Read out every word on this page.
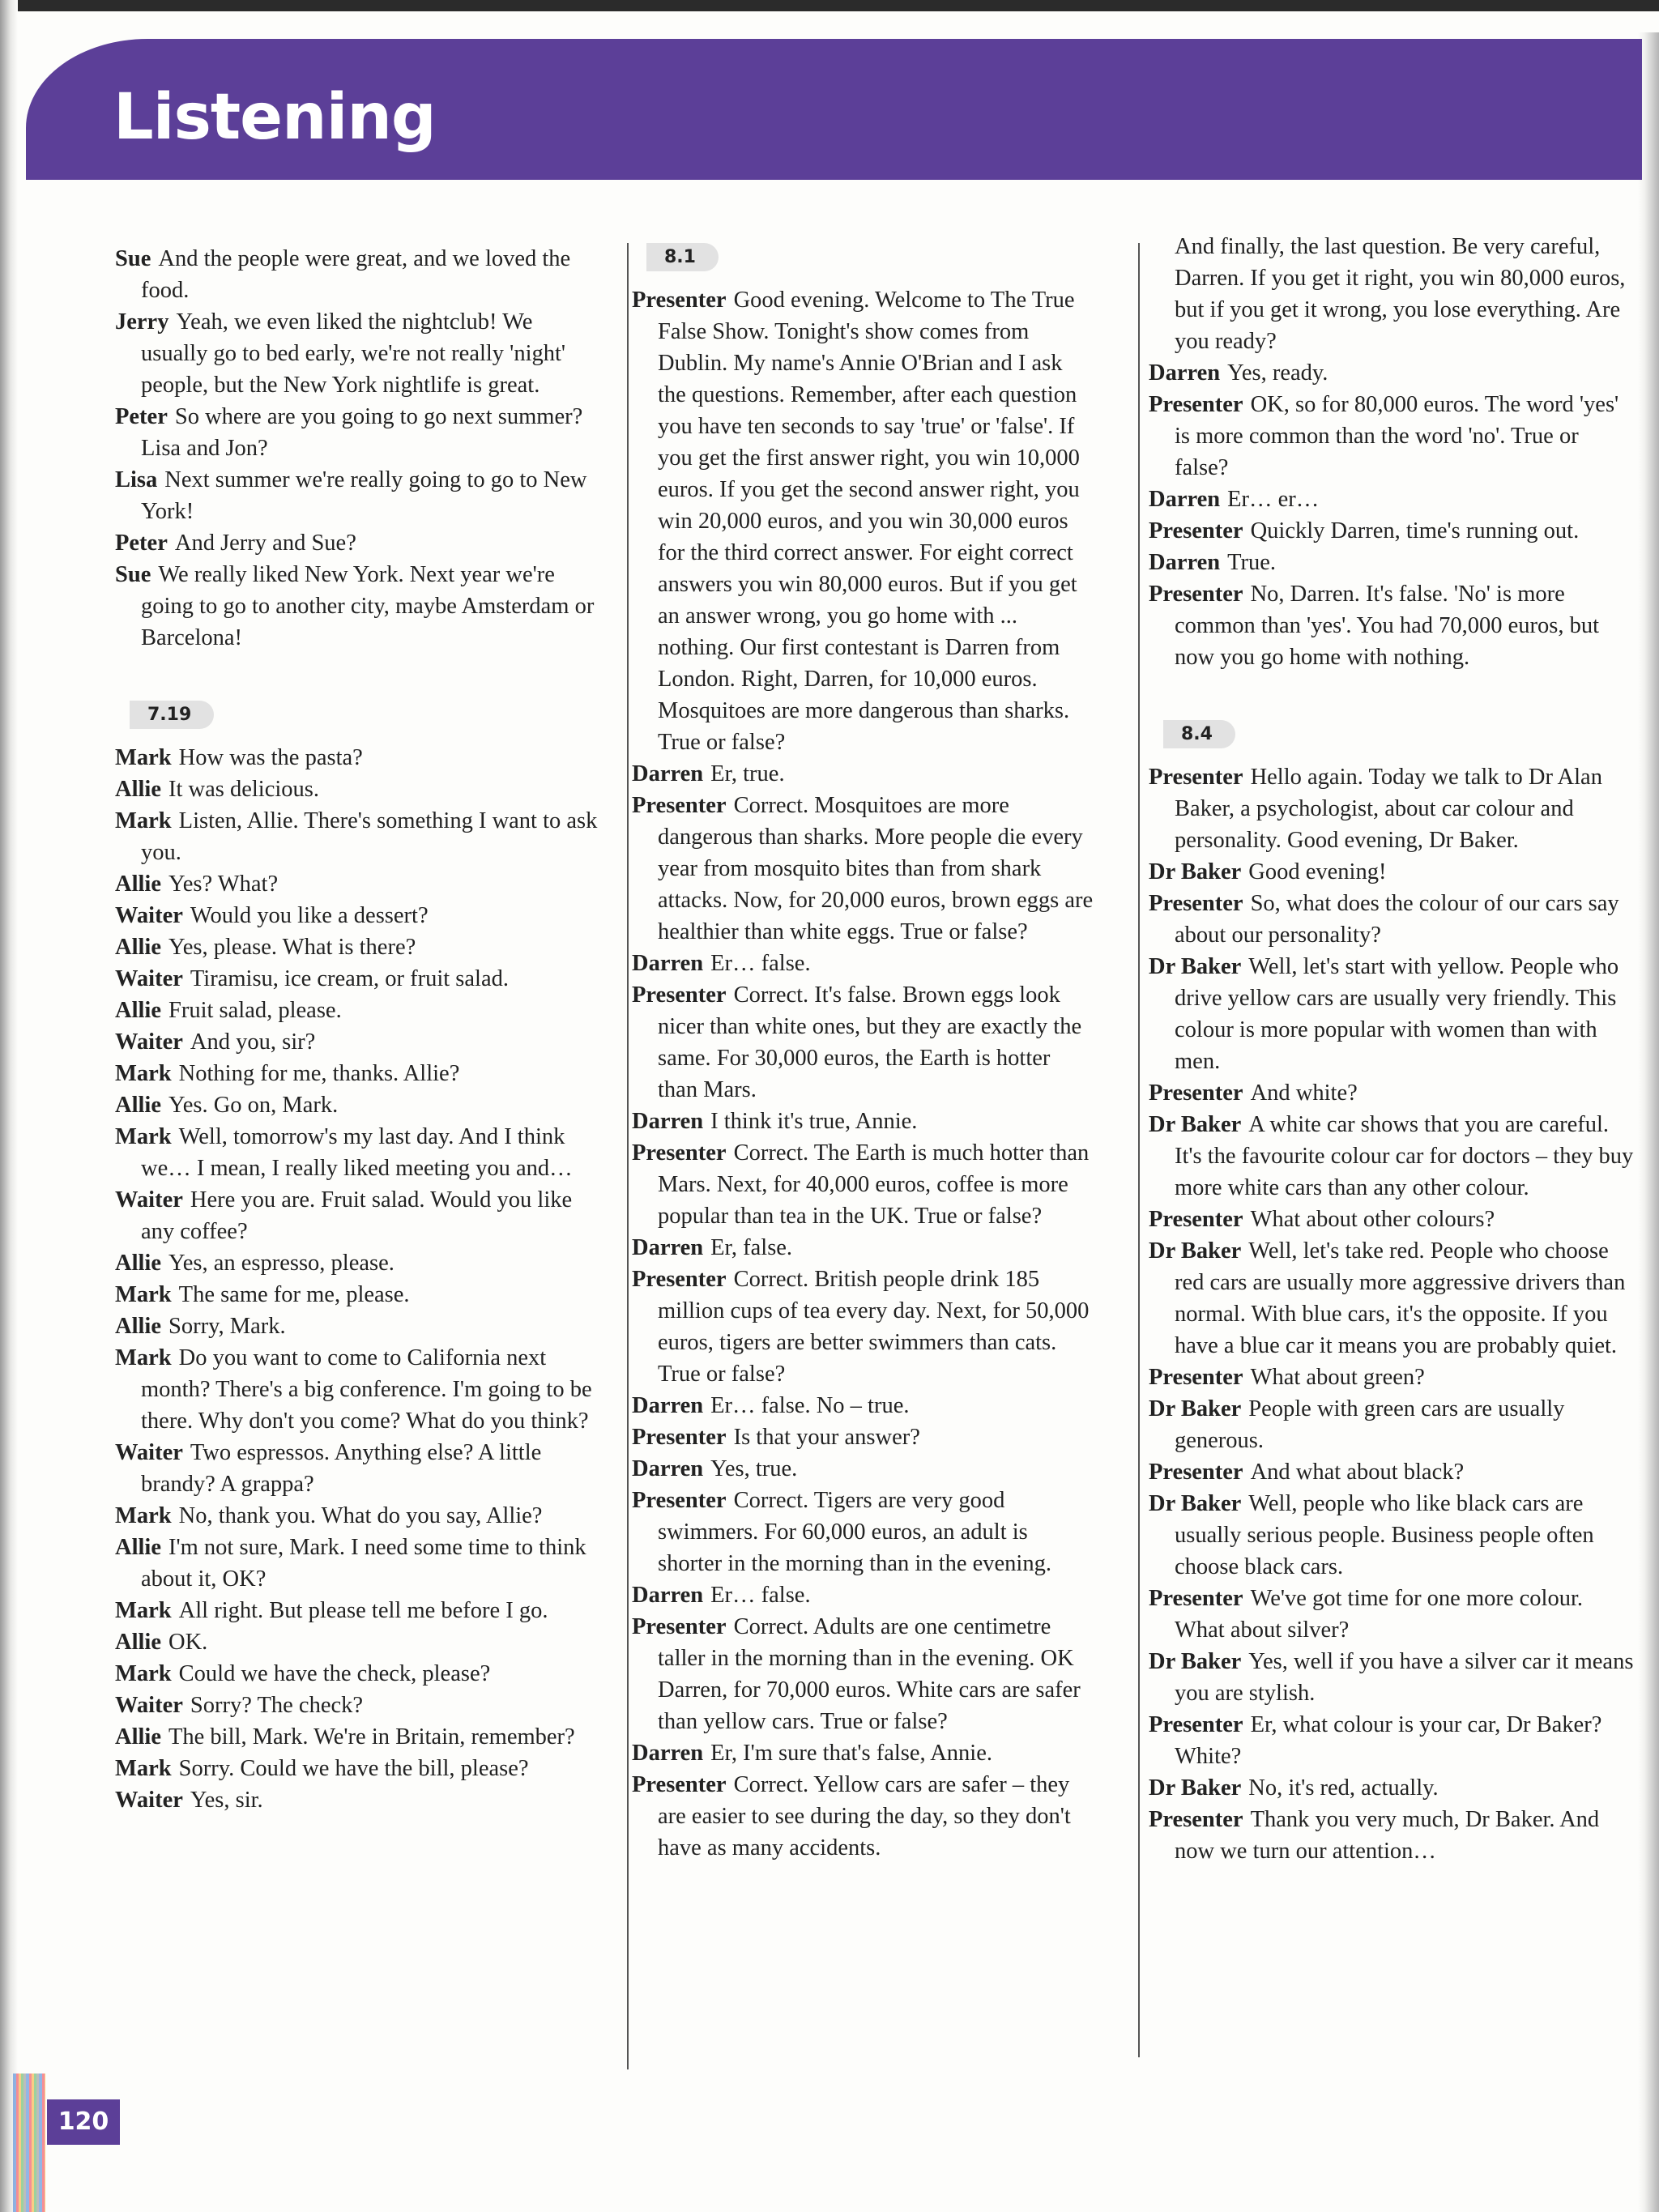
Listening
Sue And the people were great, and we loved the food.
Jerry Yeah, we even liked the nightclub! We usually go to bed early, we're not really 'night' people, but the New York nightlife is great.
Peter So where are you going to go next summer? Lisa and Jon?
Lisa Next summer we're really going to go to New York!
Peter And Jerry and Sue?
Sue We really liked New York. Next year we're going to go to another city, maybe Amsterdam or Barcelona!
7.19
Mark How was the pasta?
Allie It was delicious.
Mark Listen, Allie. There's something I want to ask you.
Allie Yes? What?
Waiter Would you like a dessert?
Allie Yes, please. What is there?
Waiter Tiramisu, ice cream, or fruit salad.
Allie Fruit salad, please.
Waiter And you, sir?
Mark Nothing for me, thanks. Allie?
Allie Yes. Go on, Mark.
Mark Well, tomorrow's my last day. And I think we… I mean, I really liked meeting you and…
Waiter Here you are. Fruit salad. Would you like any coffee?
Allie Yes, an espresso, please.
Mark The same for me, please.
Allie Sorry, Mark.
Mark Do you want to come to California next month? There's a big conference. I'm going to be there. Why don't you come? What do you think?
Waiter Two espressos. Anything else? A little brandy? A grappa?
Mark No, thank you. What do you say, Allie?
Allie I'm not sure, Mark. I need some time to think about it, OK?
Mark All right. But please tell me before I go.
Allie OK.
Mark Could we have the check, please?
Waiter Sorry? The check?
Allie The bill, Mark. We're in Britain, remember?
Mark Sorry. Could we have the bill, please?
Waiter Yes, sir.
8.1
Presenter Good evening. Welcome to The True False Show. Tonight's show comes from Dublin. My name's Annie O'Brian and I ask the questions. Remember, after each question you have ten seconds to say 'true' or 'false'. If you get the first answer right, you win 10,000 euros. If you get the second answer right, you win 20,000 euros, and you win 30,000 euros for the third correct answer. For eight correct answers you win 80,000 euros. But if you get an answer wrong, you go home with ... nothing. Our first contestant is Darren from London. Right, Darren, for 10,000 euros. Mosquitoes are more dangerous than sharks. True or false?
Darren Er, true.
Presenter Correct. Mosquitoes are more dangerous than sharks. More people die every year from mosquito bites than from shark attacks. Now, for 20,000 euros, brown eggs are healthier than white eggs. True or false?
Darren Er… false.
Presenter Correct. It's false. Brown eggs look nicer than white ones, but they are exactly the same. For 30,000 euros, the Earth is hotter than Mars.
Darren I think it's true, Annie.
Presenter Correct. The Earth is much hotter than Mars. Next, for 40,000 euros, coffee is more popular than tea in the UK. True or false?
Darren Er, false.
Presenter Correct. British people drink 185 million cups of tea every day. Next, for 50,000 euros, tigers are better swimmers than cats. True or false?
Darren Er… false. No – true.
Presenter Is that your answer?
Darren Yes, true.
Presenter Correct. Tigers are very good swimmers. For 60,000 euros, an adult is shorter in the morning than in the evening.
Darren Er… false.
Presenter Correct. Adults are one centimetre taller in the morning than in the evening. OK Darren, for 70,000 euros. White cars are safer than yellow cars. True or false?
Darren Er, I'm sure that's false, Annie.
Presenter Correct. Yellow cars are safer – they are easier to see during the day, so they don't have as many accidents.
And finally, the last question. Be very careful, Darren. If you get it right, you win 80,000 euros, but if you get it wrong, you lose everything. Are you ready?
Darren Yes, ready.
Presenter OK, so for 80,000 euros. The word 'yes' is more common than the word 'no'. True or false?
Darren Er… er…
Presenter Quickly Darren, time's running out.
Darren True.
Presenter No, Darren. It's false. 'No' is more common than 'yes'. You had 70,000 euros, but now you go home with nothing.
8.4
Presenter Hello again. Today we talk to Dr Alan Baker, a psychologist, about car colour and personality. Good evening, Dr Baker.
Dr Baker Good evening!
Presenter So, what does the colour of our cars say about our personality?
Dr Baker Well, let's start with yellow. People who drive yellow cars are usually very friendly. This colour is more popular with women than with men.
Presenter And white?
Dr Baker A white car shows that you are careful. It's the favourite colour car for doctors – they buy more white cars than any other colour.
Presenter What about other colours?
Dr Baker Well, let's take red. People who choose red cars are usually more aggressive drivers than normal. With blue cars, it's the opposite. If you have a blue car it means you are probably quiet.
Presenter What about green?
Dr Baker People with green cars are usually generous.
Presenter And what about black?
Dr Baker Well, people who like black cars are usually serious people. Business people often choose black cars.
Presenter We've got time for one more colour. What about silver?
Dr Baker Yes, well if you have a silver car it means you are stylish.
Presenter Er, what colour is your car, Dr Baker? White?
Dr Baker No, it's red, actually.
Presenter Thank you very much, Dr Baker. And now we turn our attention…
120
